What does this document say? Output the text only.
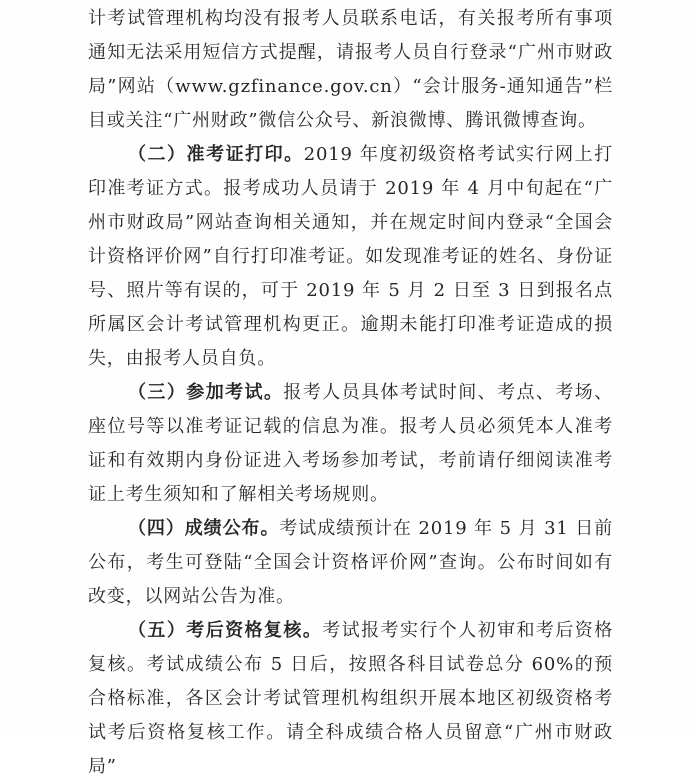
计考试管理机构均没有报考人员联系电话，有关报考所有事项通知无法采用短信方式提醒，请报考人员自行登录“广州市财政局”网站（www.gzfinance.gov.cn）“会计服务-通知通告”栏目或关注“广州财政”微信公众号、新浪微博、腾讯微博查询。

（二）准考证打印。2019 年度初级资格考试实行网上打印准考证方式。报考成功人员请于 2019 年 4 月中旬起在“广州市财政局”网站查询相关通知，并在规定时间内登录“全国会计资格评价网”自行打印准考证。如发现准考证的姓名、身份证号、照片等有误的，可于 2019 年 5 月 2 日至 3 日到报名点所属区会计考试管理机构更正。逾期未能打印准考证造成的损失，由报考人员自负。

（三）参加考试。报考人员具体考试时间、考点、考场、座位号等以准考证记载的信息为准。报考人员必须凭本人准考证和有效期内身份证进入考场参加考试，考前请仔细阅读准考证上考生须知和了解相关考场规则。

（四）成绩公布。考试成绩预计在 2019 年 5 月 31 日前公布，考生可登陆“全国会计资格评价网”查询。公布时间如有改变，以网站公告为准。

（五）考后资格复核。考试报考实行个人初审和考后资格复核。考试成绩公布 5 日后，按照各科目试卷总分 60%的预合格标准，各区会计考试管理机构组织开展本地区初级资格考试考后资格复核工作。请全科成绩合格人员留意“广州市财政局”
